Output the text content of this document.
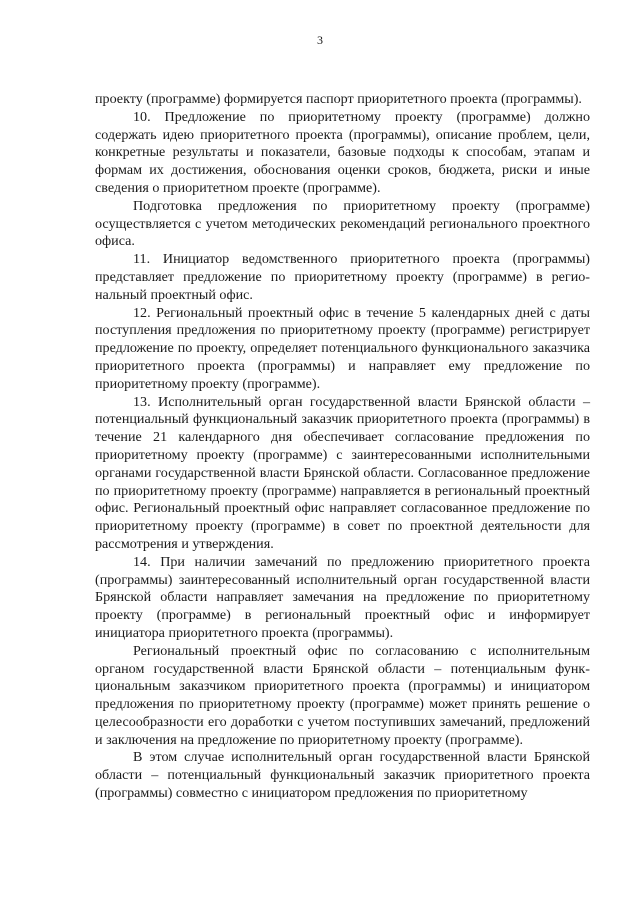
3

проекту (программе) формируется паспорт приоритетного проекта (программы).

10. Предложение по приоритетному проекту (программе) должно содержать идею приоритетного проекта (программы), описание проблем, цели, конкретные результаты и показатели, базовые подходы к способам, этапам и формам их достижения, обоснования оценки сроков, бюджета, риски и иные сведения о приоритетном проекте (программе).

Подготовка предложения по приоритетному проекту (программе) осуществляется с учетом методических рекомендаций регионального проектного офиса.

11. Инициатор ведомственного приоритетного проекта (программы) представляет предложение по приоритетному проекту (программе) в региональный проектный офис.

12. Региональный проектный офис в течение 5 календарных дней с даты поступления предложения по приоритетному проекту (программе) регистрирует предложение по проекту, определяет потенциального функционального заказчика приоритетного проекта (программы) и направляет ему предложение по приоритетному проекту (программе).

13. Исполнительный орган государственной власти Брянской области – потенциальный функциональный заказчик приоритетного проекта (программы) в течение 21 календарного дня обеспечивает согласование предложения по приоритетному проекту (программе) с заинтересованными исполнительными органами государственной власти Брянской области. Согласованное предложение по приоритетному проекту (программе) направляется в региональный проектный офис. Региональный проектный офис направляет согласованное предложение по приоритетному проекту (программе) в совет по проектной деятельности для рассмотрения и утверждения.

14. При наличии замечаний по предложению приоритетного проекта (программы) заинтересованный исполнительный орган государственной власти Брянской области направляет замечания на предложение по приоритетному проекту (программе) в региональный проектный офис и информирует инициатора приоритетного проекта (программы).

Региональный проектный офис по согласованию с исполнительным органом государственной власти Брянской области – потенциальным функциональным заказчиком приоритетного проекта (программы) и инициатором предложения по приоритетному проекту (программе) может принять решение о целесообразности его доработки с учетом поступивших замечаний, предложений и заключения на предложение по приоритетному проекту (программе).

В этом случае исполнительный орган государственной власти Брянской области – потенциальный функциональный заказчик приоритетного проекта (программы) совместно с инициатором предложения по приоритетному
